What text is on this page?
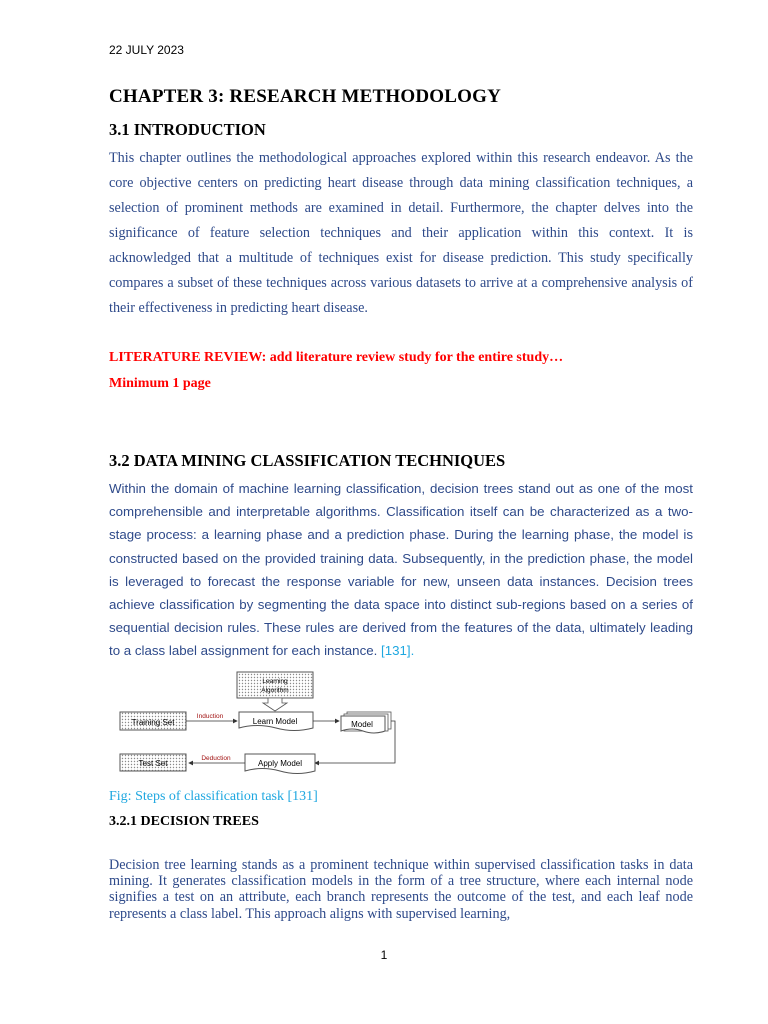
22 JULY 2023
CHAPTER 3: RESEARCH METHODOLOGY
3.1 INTRODUCTION
This chapter outlines the methodological approaches explored within this research endeavor. As the core objective centers on predicting heart disease through data mining classification techniques, a selection of prominent methods are examined in detail. Furthermore, the chapter delves into the significance of feature selection techniques and their application within this context. It is acknowledged that a multitude of techniques exist for disease prediction. This study specifically compares a subset of these techniques across various datasets to arrive at a comprehensive analysis of their effectiveness in predicting heart disease.
LITERATURE REVIEW: add literature review study for the entire study…
Minimum 1 page
3.2 DATA MINING CLASSIFICATION TECHNIQUES
Within the domain of machine learning classification, decision trees stand out as one of the most comprehensible and interpretable algorithms. Classification itself can be characterized as a two-stage process: a learning phase and a prediction phase. During the learning phase, the model is constructed based on the provided training data. Subsequently, in the prediction phase, the model is leveraged to forecast the response variable for new, unseen data instances. Decision trees achieve classification by segmenting the data space into distinct sub-regions based on a series of sequential decision rules. These rules are derived from the features of the data, ultimately leading to a class label assignment for each instance. [131].
Learning
Algorithm
Training Set
Induction
Learn Model	Model
Apply Model
Deduction
Test Set
Fig: Steps of classification task [131]
3.2.1 DECISION TREES
Decision tree learning stands as a prominent technique within supervised classification tasks in data mining. It generates classification models in the form of a tree structure, where each internal node signifies a test on an attribute, each branch represents the outcome of the test, and each leaf node represents a class label. This approach aligns with supervised learning,
1
